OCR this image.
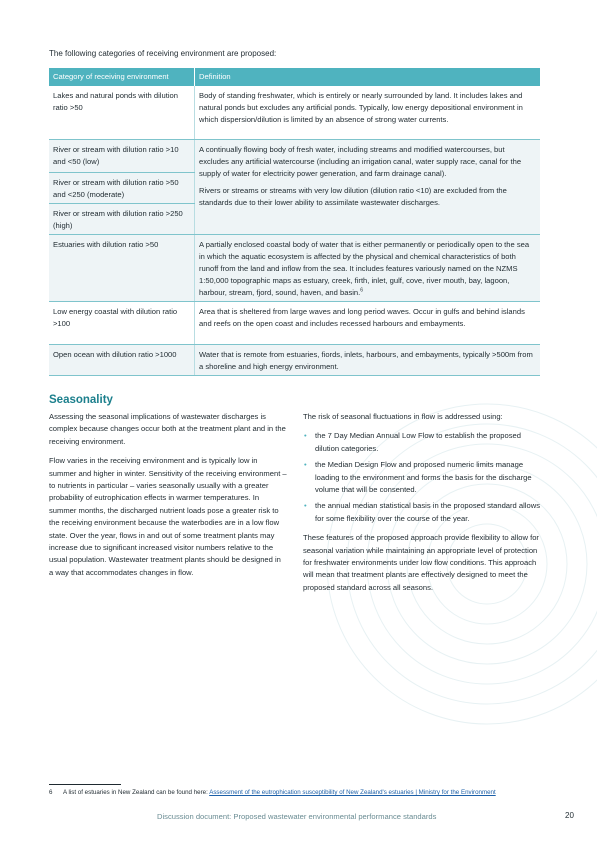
The following categories of receiving environment are proposed:
Category of receiving environment	Definition
Lakes and natural ponds with dilution ratio >50	Body of standing freshwater, which is entirely or nearly surrounded by land. It includes lakes and natural ponds but excludes any artificial ponds. Typically, low energy depositional environment in which dispersion/dilution is limited by an absence of strong water currents.
River or stream with dilution ratio >10 and <50 (low)	A continually flowing body of fresh water, including streams and modified watercourses, but excludes any artificial watercourse (including an irrigation canal, water supply race, canal for the supply of water for electricity power generation, and farm drainage canal).
Rivers or streams or streams with very low dilution (dilution ratio <10) are excluded from the standards due to their lower ability to assimilate wastewater discharges.

River or stream with dilution ratio >50 and <250 (moderate)	
River or stream with dilution ratio >250 (high)	
Estuaries with dilution ratio >50	A partially enclosed coastal body of water that is either permanently or periodically open to the sea in which the aquatic ecosystem is affected by the physical and chemical characteristics of both runoff from the land and inflow from the sea. It includes features variously named on the NZMS 1:50,000 topographic maps as estuary, creek, firth, inlet, gulf, cove, river mouth, bay, lagoon, harbour, stream, fjord, sound, haven, and basin.$^6$
Low energy coastal with dilution ratio >100	Area that is sheltered from large waves and long period waves. Occur in gulfs and behind islands and reefs on the open coast and includes recessed harbours and embayments.
Open ocean with dilution ratio >1000	Water that is remote from estuaries, fiords, inlets, harbours, and embayments, typically >500m from a shoreline and high energy environment.
Seasonality

Assessing the seasonal implications of wastewater discharges is complex because changes occur both at the treatment plant and in the receiving environment.

Flow varies in the receiving environment and is typically low in summer and higher in winter. Sensitivity of the receiving environment – to nutrients in particular – varies seasonally usually with a greater probability of eutrophication effects in warmer temperatures. In summer months, the discharged nutrient loads pose a greater risk to the receiving environment because the waterbodies are in a low flow state. Over the year, flows in and out of some treatment plants may increase due to significant increased visitor numbers relative to the usual population. Wastewater treatment plants should be designed in a way that accommodates changes in flow.

The risk of seasonal fluctuations in flow is addressed using:

• the 7 Day Median Annual Low Flow to establish the proposed dilution categories.
• the Median Design Flow and proposed numeric limits manage loading to the environment and forms the basis for the discharge volume that will be consented.
• the annual median statistical basis in the proposed standard allows for some flexibility over the course of the year.

These features of the proposed approach provide flexibility to allow for seasonal variation while maintaining an appropriate level of protection for freshwater environments under low flow conditions. This approach will mean that treatment plants are effectively designed to meet the proposed standard across all seasons.

6 A list of estuaries in New Zealand can be found here: Assessment of the eutrophication susceptibility of New Zealand's estuaries | Ministry for the Environment
Discussion document: Proposed wastewater environmental performance standards	20
